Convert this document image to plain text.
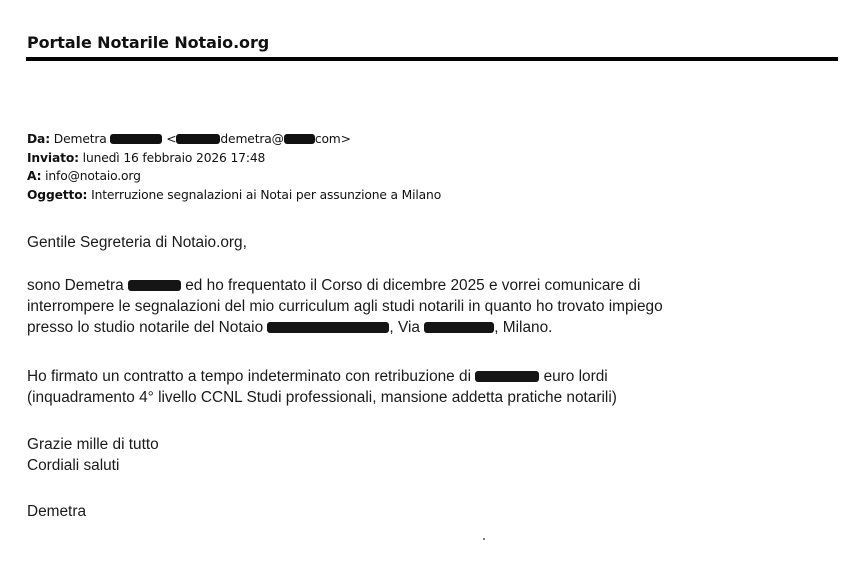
Portale Notarile Notaio.org
Da: Demetra	<	demetra@	com>
Inviato: lunedì 16 febbraio 2026 17:48
A: info@notaio.org
Oggetto: Interruzione segnalazioni ai Notai per assunzione a Milano
Gentile Segreteria di Notaio.org,
sono Demetra	ed ho frequentato il Corso di dicembre 2025 e vorrei comunicare di
interrompere le segnalazioni del mio curriculum agli studi notarili in quanto ho trovato impiego
presso lo studio notarile del Notaio	, Via	, Milano.
Ho firmato un contratto a tempo indeterminato con retribuzione di	euro lordi
(inquadramento 4° livello CCNL Studi professionali, mansione addetta pratiche notarili)
Grazie mille di tutto
Cordiali saluti
Demetra
